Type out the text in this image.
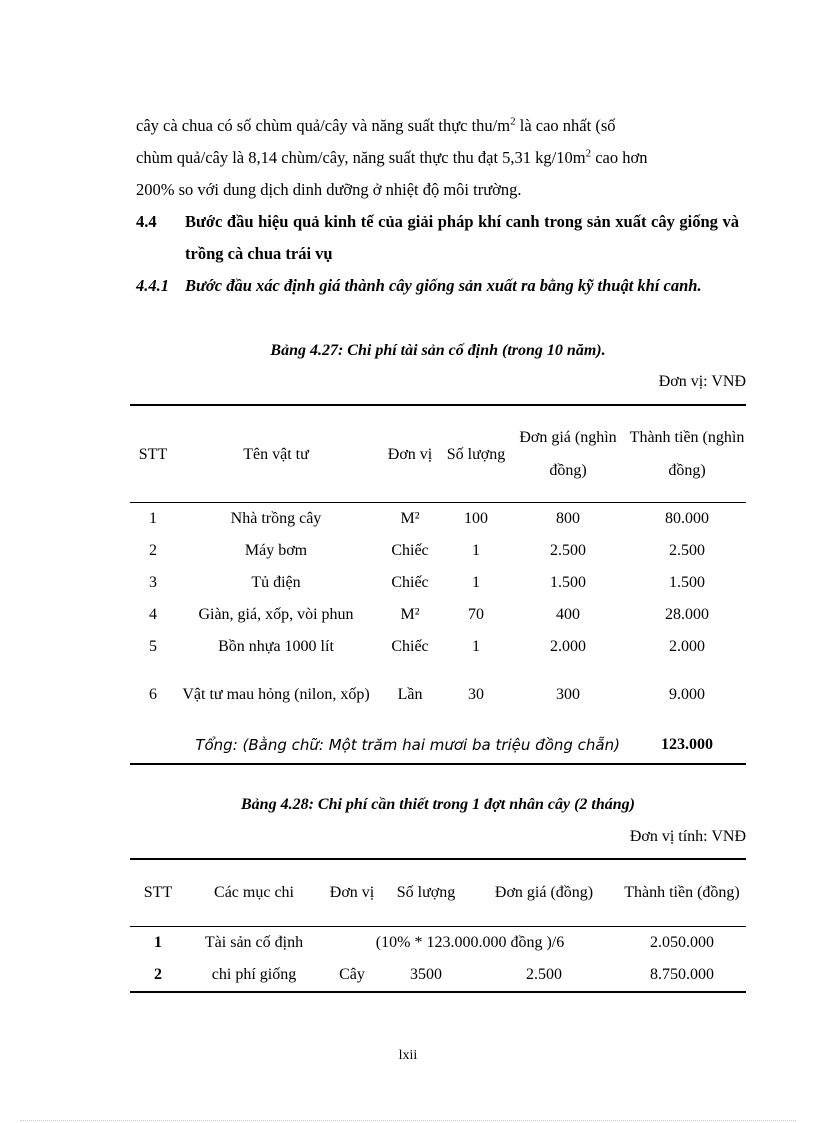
cây cà chua có số chùm quả/cây và năng suất thực thu/$m^2$ là cao nhất (số

chùm quả/cây là 8,14 chùm/cây, năng suất thực thu đạt 5,31 $kg/10m^2$ cao hơn

200% so với dung dịch dinh dưỡng ở nhiệt độ môi trường.

4.4 Bước đầu hiệu quả kinh tế của giải pháp khí canh trong sản xuất cây giống và trồng cà chua trái vụ
4.4.1 Bước đầu xác định giá thành cây giống sản xuất ra bằng kỹ thuật khí canh.

Bảng 4.27: Chi phí tài sản cố định (trong 10 năm).

Đơn vị: VNĐ

STT	Tên vật tư	Đơn vị	Số lượng	Đơn giá (nghìn đồng)	Thành tiền (nghìn đồng)
1	Nhà trồng cây	M²	100	800	80.000
2	Máy bơm	Chiếc	1	2.500	2.500
3	Tủ điện	Chiếc	1	1.500	1.500
4	Giàn, giá, xốp, vòi phun	M²	70	400	28.000
5	Bồn nhựa 1000 lít	Chiếc	1	2.000	2.000
6	Vật tư mau hỏng (nilon, xốp)	Lần	30	300	9.000
Tổng: (Bằng chữ: Một trăm hai mươi ba triệu đồng chẵn)					123.000

Bảng 4.28: Chi phí cần thiết trong 1 đợt nhân cây (2 tháng)

Đơn vị tính: VNĐ

STT	Các mục chi	Đơn vị	Số lượng	Đơn giá (đồng)	Thành tiền (đồng)
1	Tài sản cố định	(10% * 123.000.000 đồng )/6			2.050.000
2	chi phí giống	Cây	3500	2.500	8.750.000

lxii
